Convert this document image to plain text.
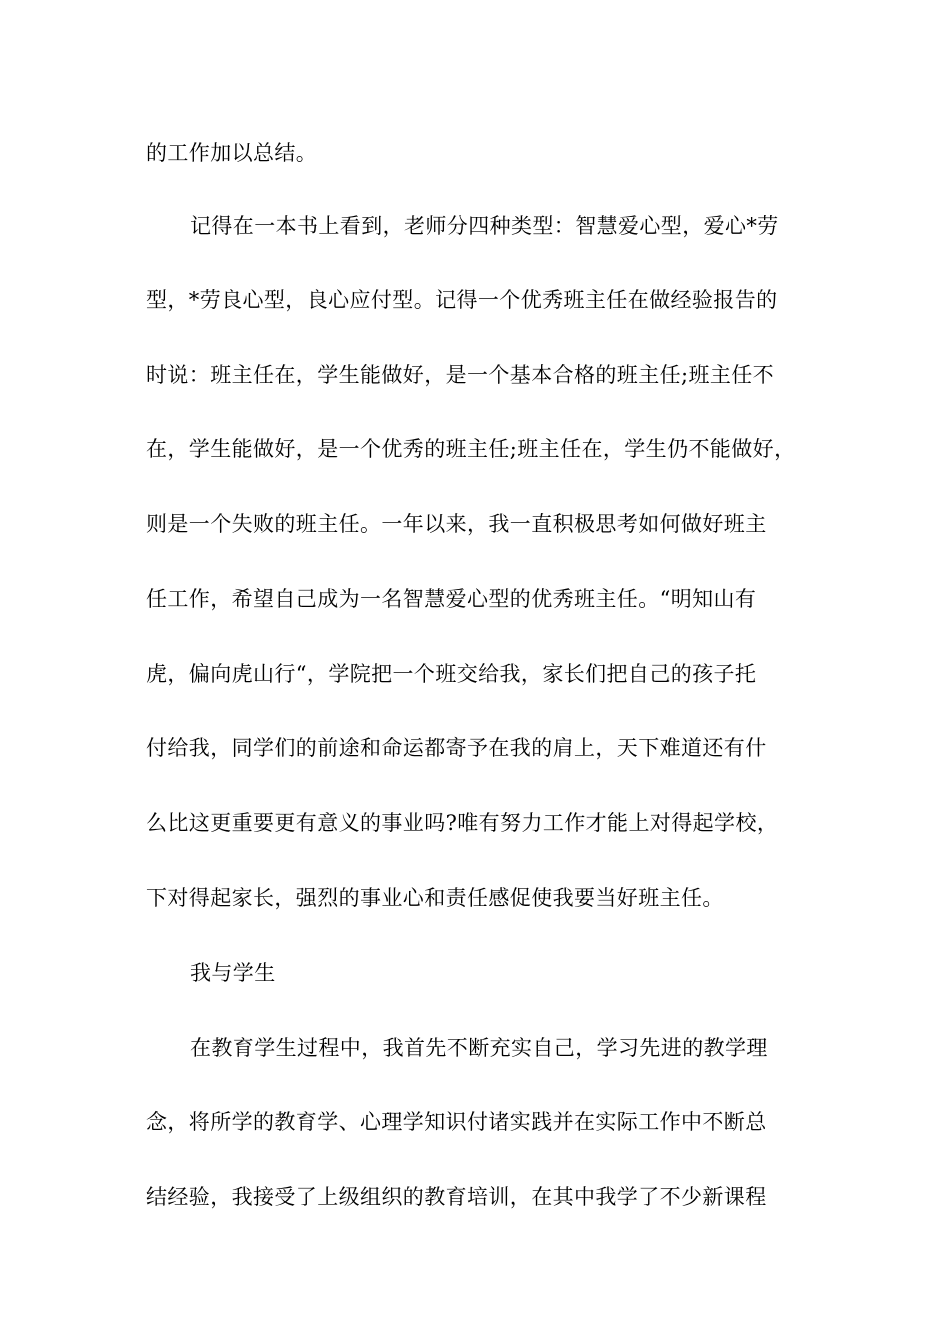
的工作加以总结。
记得在一本书上看到，老师分四种类型：智慧爱心型，爱心*劳
型，*劳良心型，良心应付型。记得一个优秀班主任在做经验报告的
时说：班主任在，学生能做好，是一个基本合格的班主任;班主任不
在，学生能做好，是一个优秀的班主任;班主任在，学生仍不能做好，
则是一个失败的班主任。一年以来，我一直积极思考如何做好班主
任工作，希望自己成为一名智慧爱心型的优秀班主任。“明知山有
虎，偏向虎山行“，学院把一个班交给我，家长们把自己的孩子托
付给我，同学们的前途和命运都寄予在我的肩上，天下难道还有什
么比这更重要更有意义的事业吗?唯有努力工作才能上对得起学校，
下对得起家长，强烈的事业心和责任感促使我要当好班主任。
我与学生
在教育学生过程中，我首先不断充实自己，学习先进的教学理
念，将所学的教育学、心理学知识付诸实践并在实际工作中不断总
结经验，我接受了上级组织的教育培训，在其中我学了不少新课程
